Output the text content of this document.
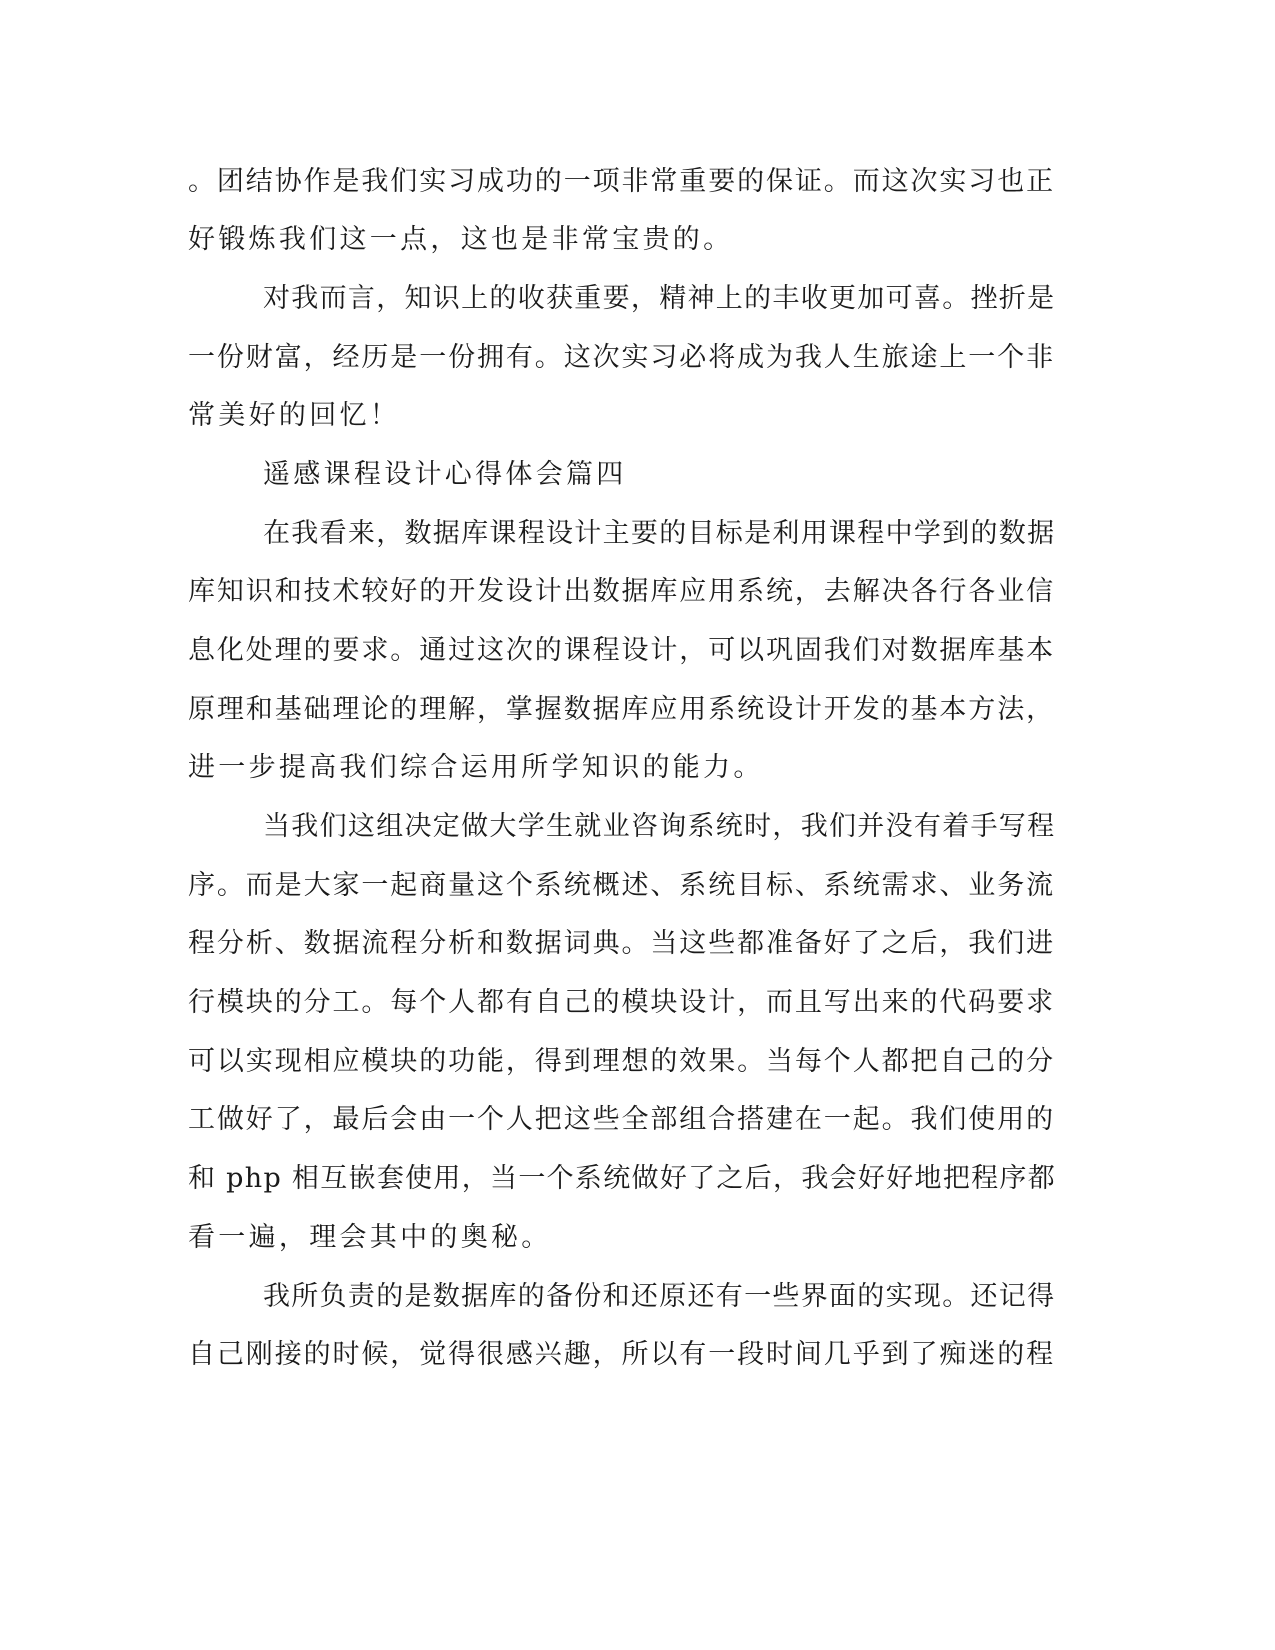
。团结协作是我们实习成功的一项非常重要的保证。而这次实习也正
好锻炼我们这一点，这也是非常宝贵的。
对我而言，知识上的收获重要，精神上的丰收更加可喜。挫折是
一份财富，经历是一份拥有。这次实习必将成为我人生旅途上一个非
常美好的回忆！
遥感课程设计心得体会篇四
在我看来，数据库课程设计主要的目标是利用课程中学到的数据
库知识和技术较好的开发设计出数据库应用系统，去解决各行各业信
息化处理的要求。通过这次的课程设计，可以巩固我们对数据库基本
原理和基础理论的理解，掌握数据库应用系统设计开发的基本方法，
进一步提高我们综合运用所学知识的能力。
当我们这组决定做大学生就业咨询系统时，我们并没有着手写程
序。而是大家一起商量这个系统概述、系统目标、系统需求、业务流
程分析、数据流程分析和数据词典。当这些都准备好了之后，我们进
行模块的分工。每个人都有自己的模块设计，而且写出来的代码要求
可以实现相应模块的功能，得到理想的效果。当每个人都把自己的分
工做好了，最后会由一个人把这些全部组合搭建在一起。我们使用的
和 php 相互嵌套使用，当一个系统做好了之后，我会好好地把程序都
看一遍，理会其中的奥秘。
我所负责的是数据库的备份和还原还有一些界面的实现。还记得
自己刚接的时候，觉得很感兴趣，所以有一段时间几乎到了痴迷的程
